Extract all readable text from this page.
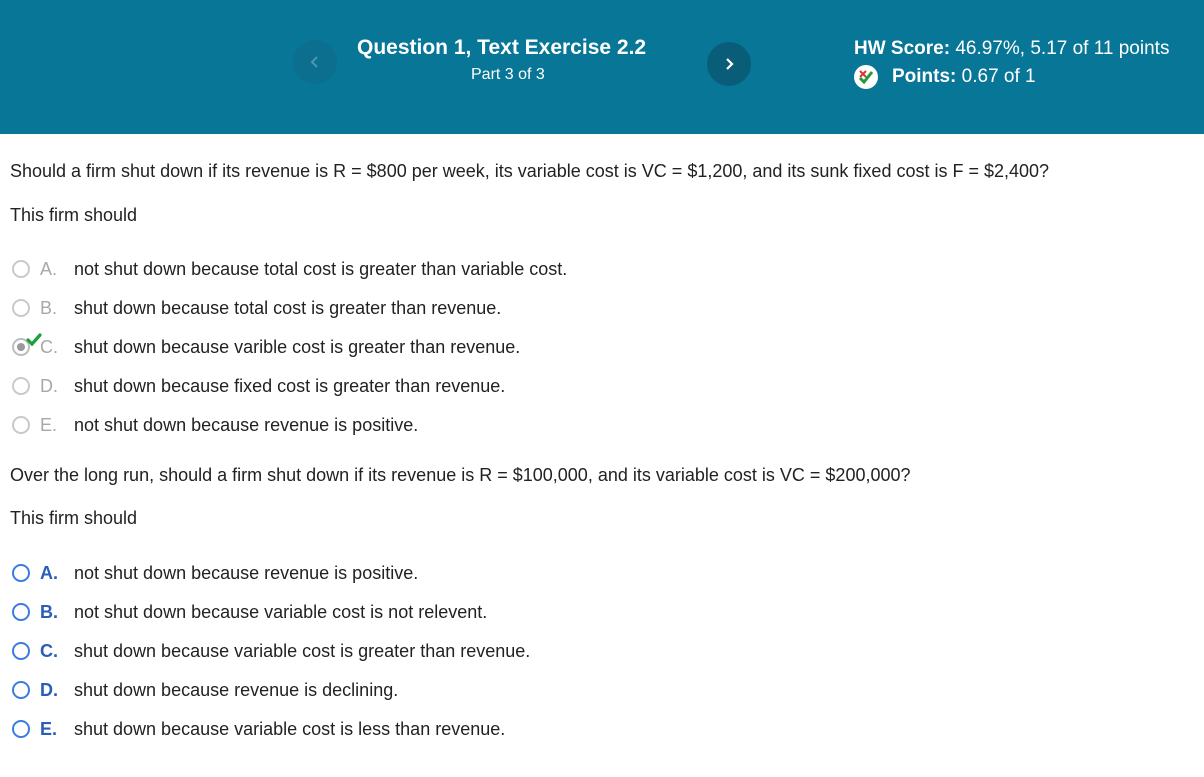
Question 1, Text Exercise 2.2
Part 3 of 3
HW Score: 46.97%, 5.17 of 11 points
Points:
0.67 of 1
Should a firm shut down if its revenue is R = $800 per week, its variable cost is VC = $1,200, and its sunk fixed cost is F = $2,400?
This firm should
A. not shut down because total cost is greater than variable cost.
B. shut down because total cost is greater than revenue.
C. shut down because varible cost is greater than revenue.
D. shut down because fixed cost is greater than revenue.
E. not shut down because revenue is positive.
Over the long run, should a firm shut down if its revenue is R = $100,000, and its variable cost is VC = $200,000?
This firm should
A. not shut down because revenue is positive.
B. not shut down because variable cost is not relevent.
C. shut down because variable cost is greater than revenue.
D. shut down because revenue is declining.
E. shut down because variable cost is less than revenue.
